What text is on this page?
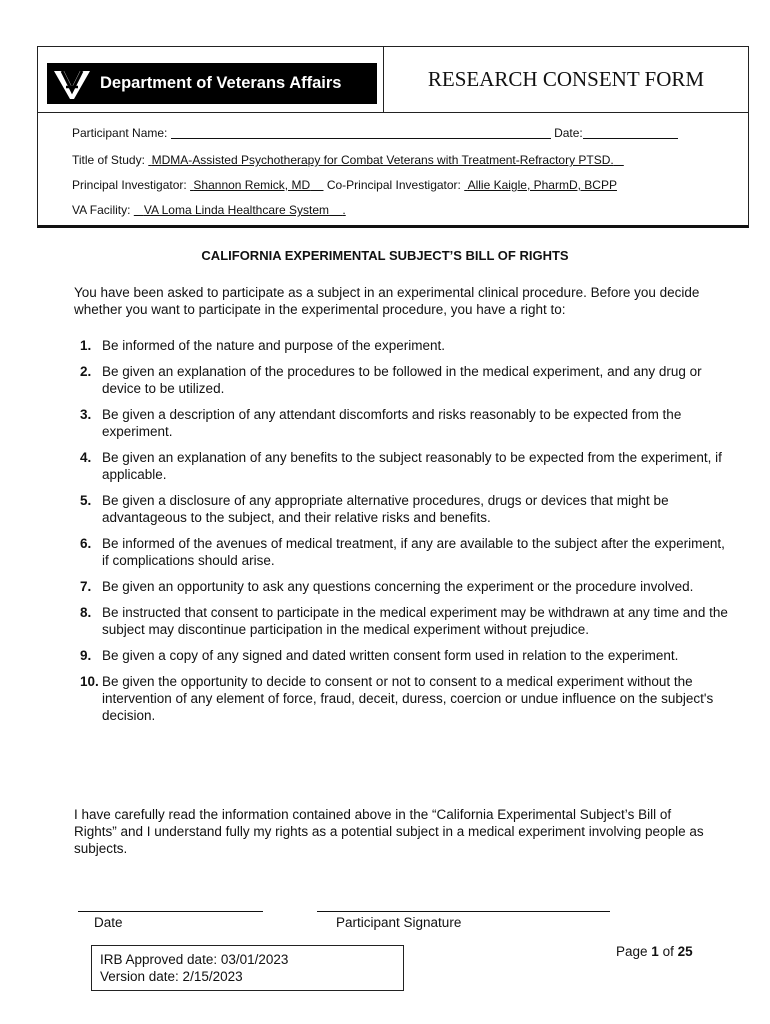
Department of Veterans Affairs	RESEARCH CONSENT FORM
Participant Name:	Date:
Title of Study: MDMA-Assisted Psychotherapy for Combat Veterans with Treatment-Refractory PTSD.
Principal Investigator: Shannon Remick, MD Co-Principal Investigator: Allie Kaigle, PharmD, BCPP
VA Facility: VA Loma Linda Healthcare System .
CALIFORNIA EXPERIMENTAL SUBJECT’S BILL OF RIGHTS
You have been asked to participate as a subject in an experimental clinical procedure. Before you decide whether you want to participate in the experimental procedure, you have a right to:
1. Be informed of the nature and purpose of the experiment.
2. Be given an explanation of the procedures to be followed in the medical experiment, and any drug or device to be utilized.
3. Be given a description of any attendant discomforts and risks reasonably to be expected from the experiment.
4. Be given an explanation of any benefits to the subject reasonably to be expected from the experiment, if applicable.
5. Be given a disclosure of any appropriate alternative procedures, drugs or devices that might be advantageous to the subject, and their relative risks and benefits.
6. Be informed of the avenues of medical treatment, if any are available to the subject after the experiment, if complications should arise.
7. Be given an opportunity to ask any questions concerning the experiment or the procedure involved.
8. Be instructed that consent to participate in the medical experiment may be withdrawn at any time and the subject may discontinue participation in the medical experiment without prejudice.
9. Be given a copy of any signed and dated written consent form used in relation to the experiment.
10. Be given the opportunity to decide to consent or not to consent to a medical experiment without the intervention of any element of force, fraud, deceit, duress, coercion or undue influence on the subject's decision.
I have carefully read the information contained above in the “California Experimental Subject’s Bill of Rights” and I understand fully my rights as a potential subject in a medical experiment involving people as subjects.
Date	Participant Signature
IRB Approved date: 03/01/2023
Version date: 2/15/2023
Page 1 of 25
